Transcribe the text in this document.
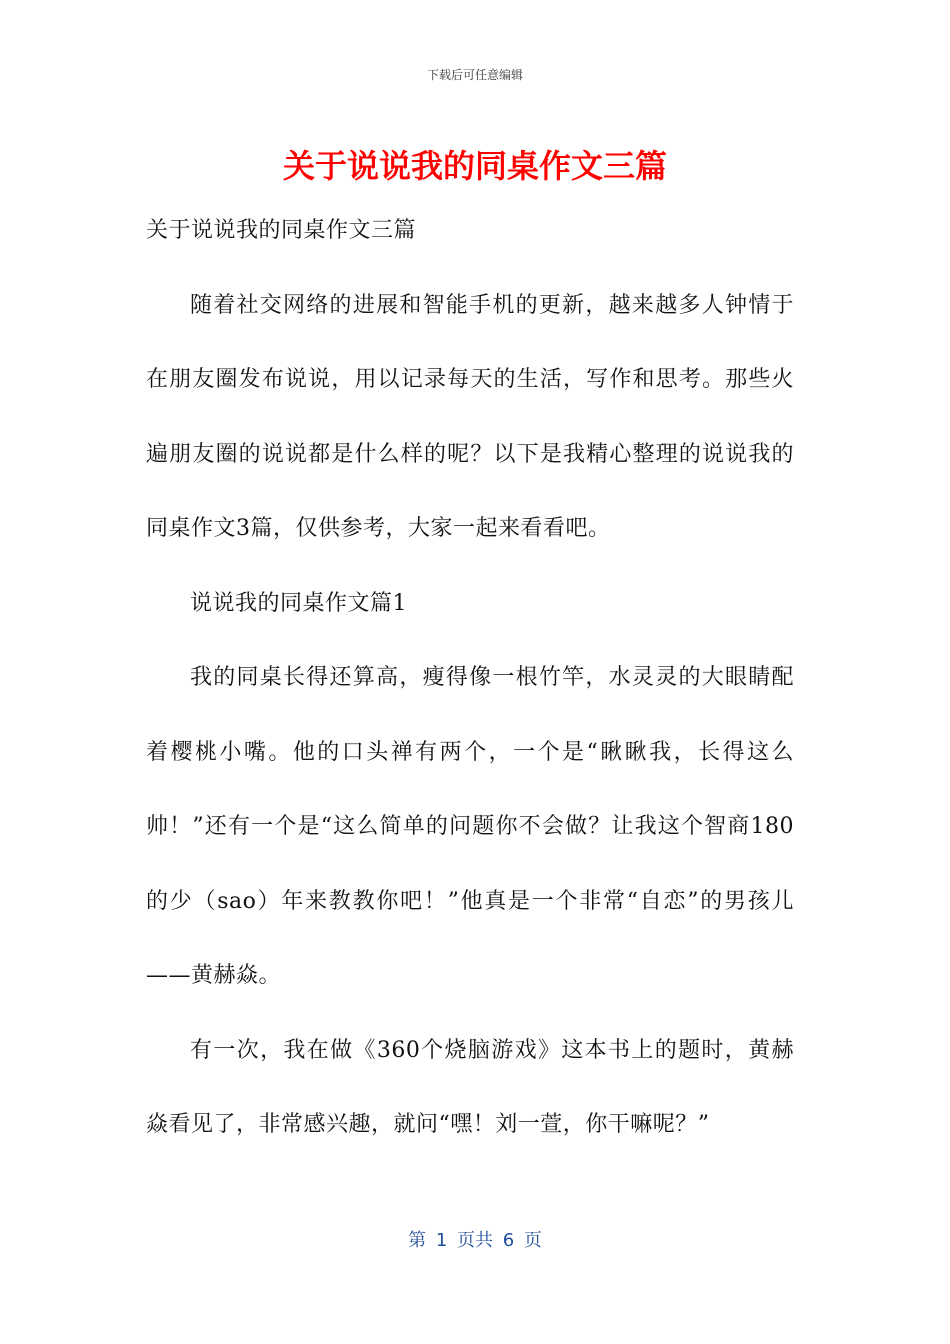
下载后可任意编辑
关于说说我的同桌作文三篇

关于说说我的同桌作文三篇

随着社交网络的进展和智能手机的更新，越来越多人钟情于在朋友圈发布说说，用以记录每天的生活，写作和思考。那些火遍朋友圈的说说都是什么样的呢？以下是我精心整理的说说我的同桌作文3篇，仅供参考，大家一起来看看吧。

说说我的同桌作文篇1

我的同桌长得还算高，瘦得像一根竹竿，水灵灵的大眼睛配着樱桃小嘴。他的口头禅有两个，一个是“瞅瞅我，长得这么帅！”还有一个是“这么简单的问题你不会做？让我这个智商180的少（sao）年来教教你吧！”他真是一个非常“自恋”的男孩儿——黄赫焱。

有一次，我在做《360个烧脑游戏》这本书上的题时，黄赫焱看见了，非常感兴趣，就问“嘿！刘一萱，你干嘛呢？”

第 1 页共 6 页
